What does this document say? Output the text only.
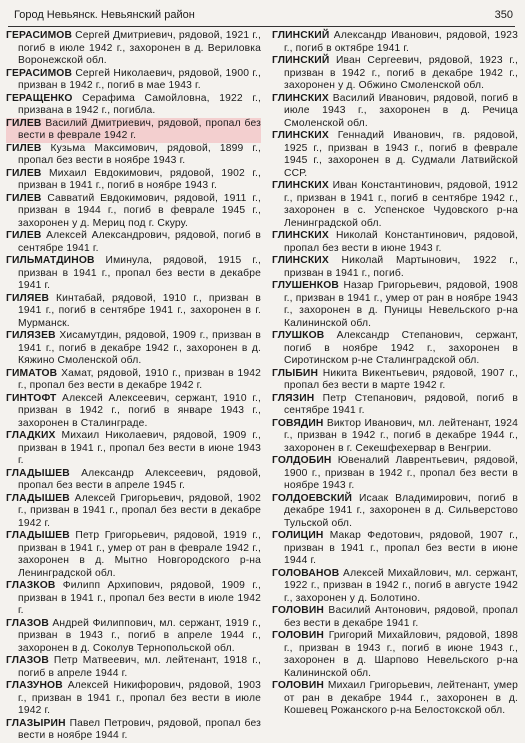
Город Невьянск. Невьянский район	350

ГЕРАСИМОВ Сергей Дмитриевич, рядовой, 1921 г., погиб в июле 1942 г., захоронен в д. Вериловка Воронежской обл.

ГЕРАСИМОВ Сергей Николаевич, рядовой, 1900 г., призван в 1942 г., погиб в мае 1943 г.

ГЕРАЩЕНКО Серафима Самойловна, 1922 г., призвана в 1942 г., погибла.

ГИЛЕВ Василий Дмитриевич, рядовой, пропал без вести в феврале 1942 г.

ГИЛЕВ Кузьма Максимович, рядовой, 1899 г., пропал без вести в ноябре 1943 г.

ГИЛЕВ Михаил Евдокимович, рядовой, 1902 г., призван в 1941 г., погиб в ноябре 1943 г.

ГИЛЕВ Савватий Евдокимович, рядовой, 1911 г., призван в 1944 г., погиб в феврале 1945 г., захоронен у д. Мериц под г. Скуру.

ГИЛЕВ Алексей Александрович, рядовой, погиб в сентябре 1941 г.

ГИЛЬМАТДИНОВ Иминула, рядовой, 1915 г., призван в 1941 г., пропал без вести в декабре 1941 г.

ГИЛЯЕВ Кинтабай, рядовой, 1910 г., призван в 1941 г., погиб в сентябре 1941 г., захоронен в г. Мурманск.

ГИЛЯЗЕВ Хисамутдин, рядовой, 1909 г., призван в 1941 г., погиб в декабре 1942 г., захоронен в д. Кяжино Смоленской обл.

ГИМАТОВ Хамат, рядовой, 1910 г., призван в 1942 г., пропал без вести в декабре 1942 г.

ГИНТОФТ Алексей Алексеевич, сержант, 1910 г., призван в 1942 г., погиб в январе 1943 г., захоронен в Сталинграде.

ГЛАДКИХ Михаил Николаевич, рядовой, 1909 г., призван в 1941 г., пропал без вести в июне 1943 г.

ГЛАДЫШЕВ Александр Алексеевич, рядовой, пропал без вести в апреле 1945 г.

ГЛАДЫШЕВ Алексей Григорьевич, рядовой, 1902 г., призван в 1941 г., пропал без вести в декабре 1942 г.

ГЛАДЫШЕВ Петр Григорьевич, рядовой, 1919 г., призван в 1941 г., умер от ран в феврале 1942 г., захоронен в д. Мытно Новгородского р-на Ленинградской обл.

ГЛАЗКОВ Филипп Архипович, рядовой, 1909 г., призван в 1941 г., пропал без вести в июле 1942 г.

ГЛАЗОВ Андрей Филиппович, мл. сержант, 1919 г., призван в 1943 г., погиб в апреле 1944 г., захоронен в д. Соколув Тернопольской обл.

ГЛАЗОВ Петр Матвеевич, мл. лейтенант, 1918 г., погиб в апреле 1944 г.

ГЛАЗУНОВ Алексей Никифорович, рядовой, 1903 г., призван в 1941 г., пропал без вести в июле 1942 г.

ГЛАЗЫРИН Павел Петрович, рядовой, пропал без вести в ноябре 1944 г.

ГЛИНСКИЙ Александр Иванович, рядовой, 1923 г., погиб в октябре 1941 г.

ГЛИНСКИЙ Иван Сергеевич, рядовой, 1923 г., призван в 1942 г., погиб в декабре 1942 г., захоронен у д. Обжино Смоленской обл.

ГЛИНСКИХ Василий Иванович, рядовой, погиб в июле 1943 г., захоронен в д. Речица Смоленской обл.

ГЛИНСКИХ Геннадий Иванович, гв. рядовой, 1925 г., призван в 1943 г., погиб в феврале 1945 г., захоронен в д. Судмали Латвийской ССР.

ГЛИНСКИХ Иван Константинович, рядовой, 1912 г., призван в 1941 г., погиб в сентябре 1942 г., захоронен в с. Успенское Чудовского р-на Ленинградской обл.

ГЛИНСКИХ Николай Константинович, рядовой, пропал без вести в июне 1943 г.

ГЛИНСКИХ Николай Мартынович, 1922 г., призван в 1941 г., погиб.

ГЛУШЕНКОВ Назар Григорьевич, рядовой, 1908 г., призван в 1941 г., умер от ран в ноябре 1943 г., захоронен в д. Пуницы Невельского р-на Калининской обл.

ГЛУШКОВ Александр Степанович, сержант, погиб в ноябре 1942 г., захоронен в Сиротинском р-не Сталинградской обл.

ГЛЫБИН Никита Викентьевич, рядовой, 1907 г., пропал без вести в марте 1942 г.

ГЛЯЗИН Петр Степанович, рядовой, погиб в сентябре 1941 г.

ГОВЯДИН Виктор Иванович, мл. лейтенант, 1924 г., призван в 1942 г., погиб в декабре 1944 г., захоронен в г. Секешфехервар в Венгрии.

ГОЛДОБИН Ювеналий Лаврентьевич, рядовой, 1900 г., призван в 1942 г., пропал без вести в ноябре 1943 г.

ГОЛДОЕВСКИЙ Исаак Владимирович, погиб в декабре 1941 г., захоронен в д. Сильверстово Тульской обл.

ГОЛИЦИН Макар Федотович, рядовой, 1907 г., призван в 1941 г., пропал без вести в июне 1944 г.

ГОЛОВАНОВ Алексей Михайлович, мл. сержант, 1922 г., призван в 1942 г., погиб в августе 1942 г., захоронен у д. Болотино.

ГОЛОВИН Василий Антонович, рядовой, пропал без вести в декабре 1941 г.

ГОЛОВИН Григорий Михайлович, рядовой, 1898 г., призван в 1943 г., погиб в июне 1943 г., захоронен в д. Шарпово Невельского р-на Калининской обл.

ГОЛОВИН Михаил Григорьевич, лейтенант, умер от ран в декабре 1944 г., захоронен в д. Кошевец Рожанского р-на Белостокской обл.
